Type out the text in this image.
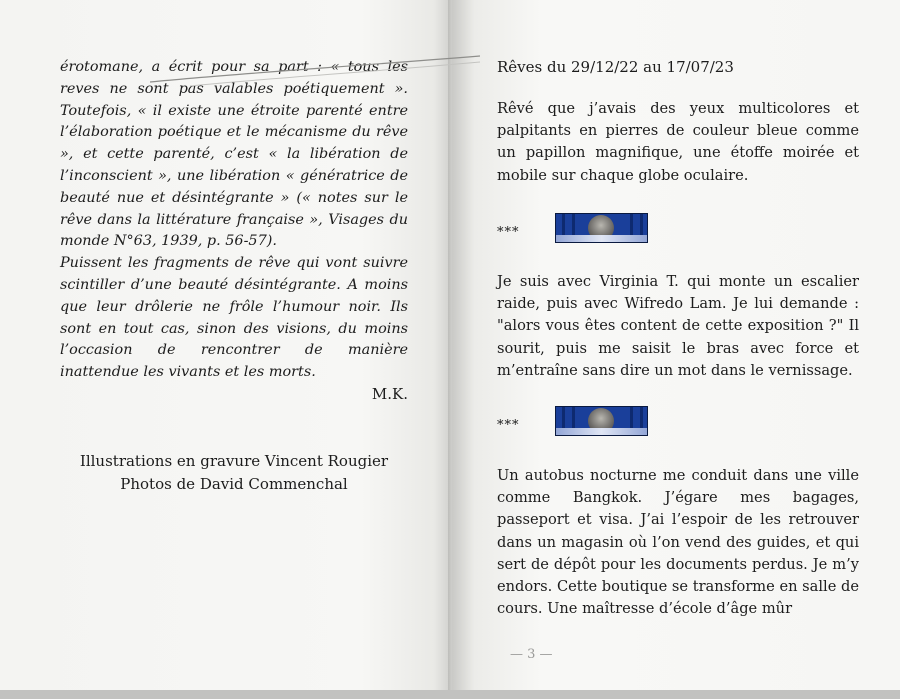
érotomane, a écrit pour sa part : « tous les reves ne sont pas valables poétiquement ». Toutefois, « il existe une étroite parenté entre l’élaboration poétique et le mécanisme du rêve », et cette parenté, c’est « la libération de l’inconscient », une libération « génératrice de beauté nue et désintégrante » (« notes sur le rêve dans la littérature française », Visages du monde N°63, 1939, p. 56-57).

Puissent les fragments de rêve qui vont suivre scintiller d’une beauté désintégrante. A moins que leur drôlerie ne frôle l’humour noir. Ils sont en tout cas, sinon des visions, du moins l’occasion de rencontrer de manière inattendue les vivants et les morts.

M.K.
Illustrations en gravure Vincent Rougier
Photos de David Commenchal
Rêves du 29/12/22 au 17/07/23

Rêvé que j’avais des yeux multicolores et palpitants en pierres de couleur bleue comme un papillon magnifique, une étoffe moirée et mobile sur chaque globe oculaire.

***

Je suis avec Virginia T. qui monte un escalier raide, puis avec Wifredo Lam. Je lui demande : "alors vous êtes content de cette exposition ?" Il sourit, puis me saisit le bras avec force et m’entraîne sans dire un mot dans le vernissage.

***

Un autobus nocturne me conduit dans une ville comme Bangkok. J’égare mes bagages, passeport et visa. J’ai l’espoir de les retrouver dans un magasin où l’on vend des guides, et qui sert de dépôt pour les documents perdus. Je m’y endors. Cette boutique se transforme en salle de cours. Une maîtresse d’école d’âge mûr

— 3 —
